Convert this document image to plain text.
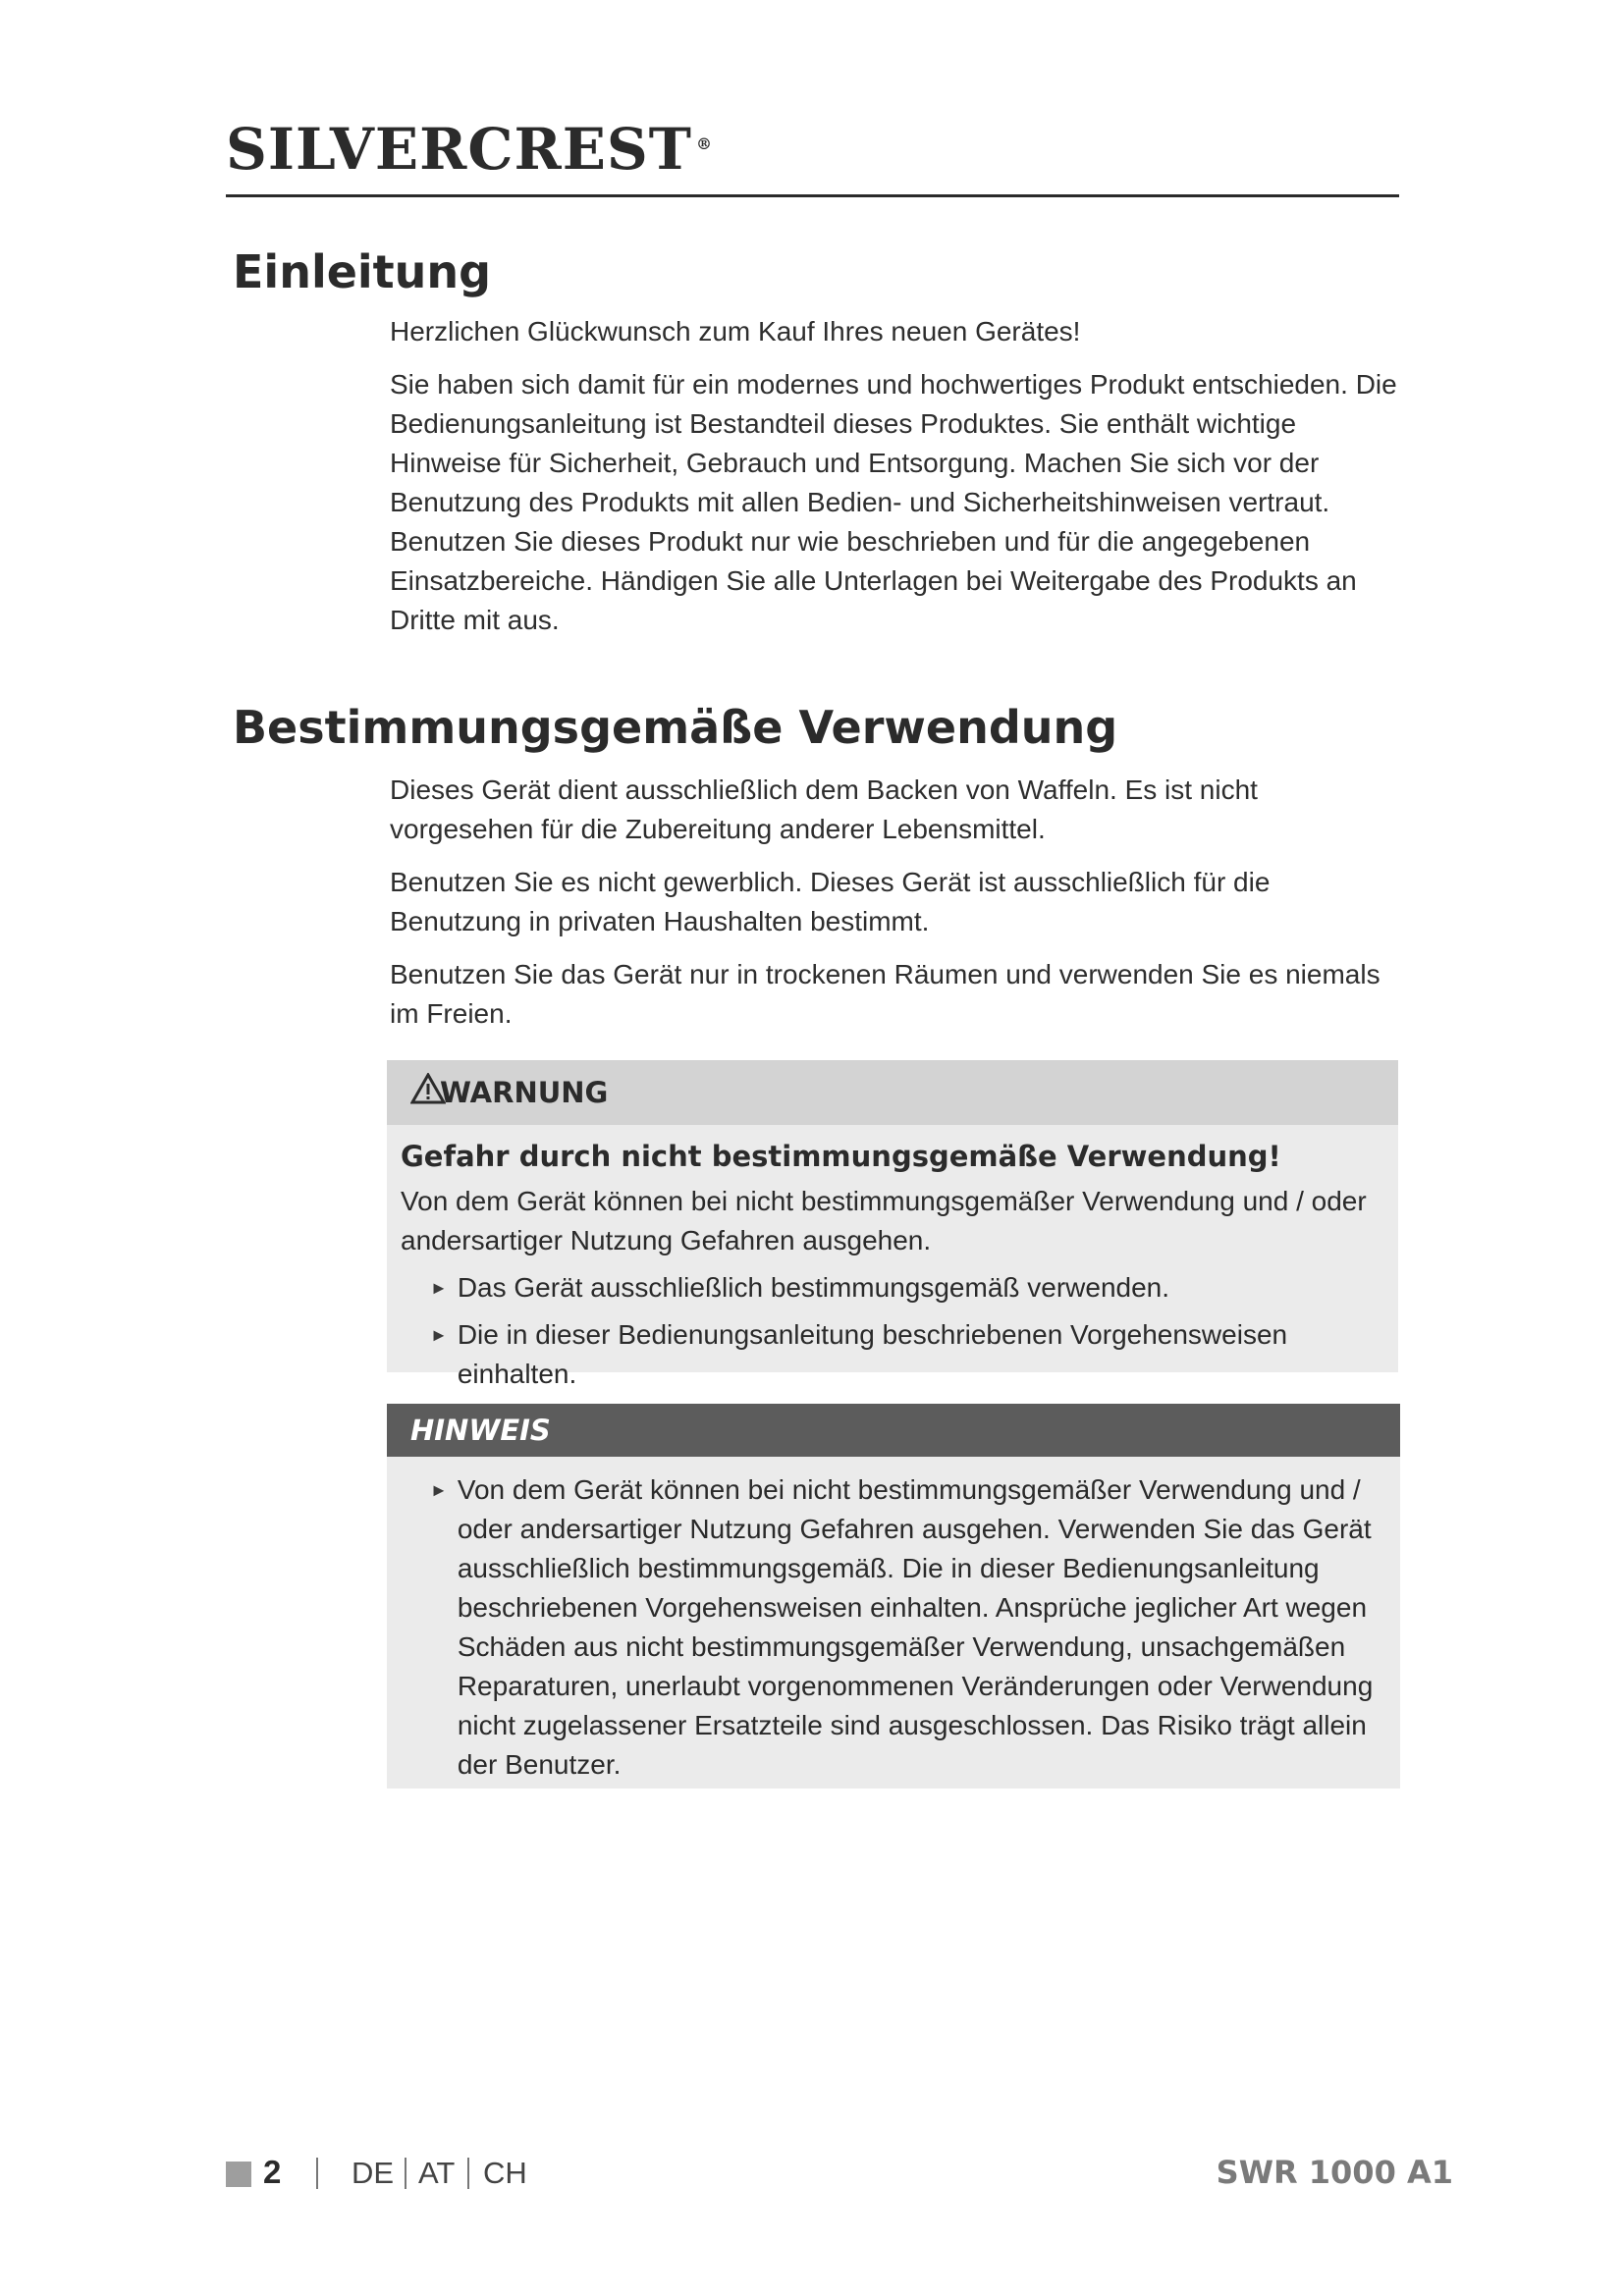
SILVERCREST ®
Einleitung

Herzlichen Glückwunsch zum Kauf Ihres neuen Gerätes!

Sie haben sich damit für ein modernes und hochwertiges Produkt entschieden. Die Bedienungsanleitung ist Bestandteil dieses Produktes. Sie enthält wichtige Hinweise für Sicherheit, Gebrauch und Entsorgung. Machen Sie sich vor der Benutzung des Produkts mit allen Bedien- und Sicherheitshinweisen vertraut. Benutzen Sie dieses Produkt nur wie beschrieben und für die angegebenen Einsatzbereiche. Händigen Sie alle Unterlagen bei Weitergabe des Produkts an Dritte mit aus.

Bestimmungsgemäße Verwendung

Dieses Gerät dient ausschließlich dem Backen von Waffeln. Es ist nicht vorgesehen für die Zubereitung anderer Lebensmittel.

Benutzen Sie es nicht gewerblich. Dieses Gerät ist ausschließlich für die Benutzung in privaten Haushalten bestimmt.

Benutzen Sie das Gerät nur in trockenen Räumen und verwenden Sie es niemals im Freien.

WARNUNG
Gefahr durch nicht bestimmungsgemäße Verwendung!
Von dem Gerät können bei nicht bestimmungsgemäßer Verwendung und / oder andersartiger Nutzung Gefahren ausgehen.
► Das Gerät ausschließlich bestimmungsgemäß verwenden.
► Die in dieser Bedienungsanleitung beschriebenen Vorgehensweisen einhalten.
HINWEIS
► Von dem Gerät können bei nicht bestimmungsgemäßer Verwendung und / oder andersartiger Nutzung Gefahren ausgehen. Verwenden Sie das Gerät ausschließlich bestimmungsgemäß. Die in dieser Bedienungsanleitung beschriebenen Vorgehensweisen einhalten. Ansprüche jeglicher Art wegen Schäden aus nicht bestimmungsgemäßer Verwendung, unsachgemäßen Reparaturen, unerlaubt vorgenommenen Veränderungen oder Verwendung nicht zugelassener Ersatzteile sind ausgeschlossen. Das Risiko trägt allein der Benutzer.
2 DE AT CH	SWR 1000 A1
